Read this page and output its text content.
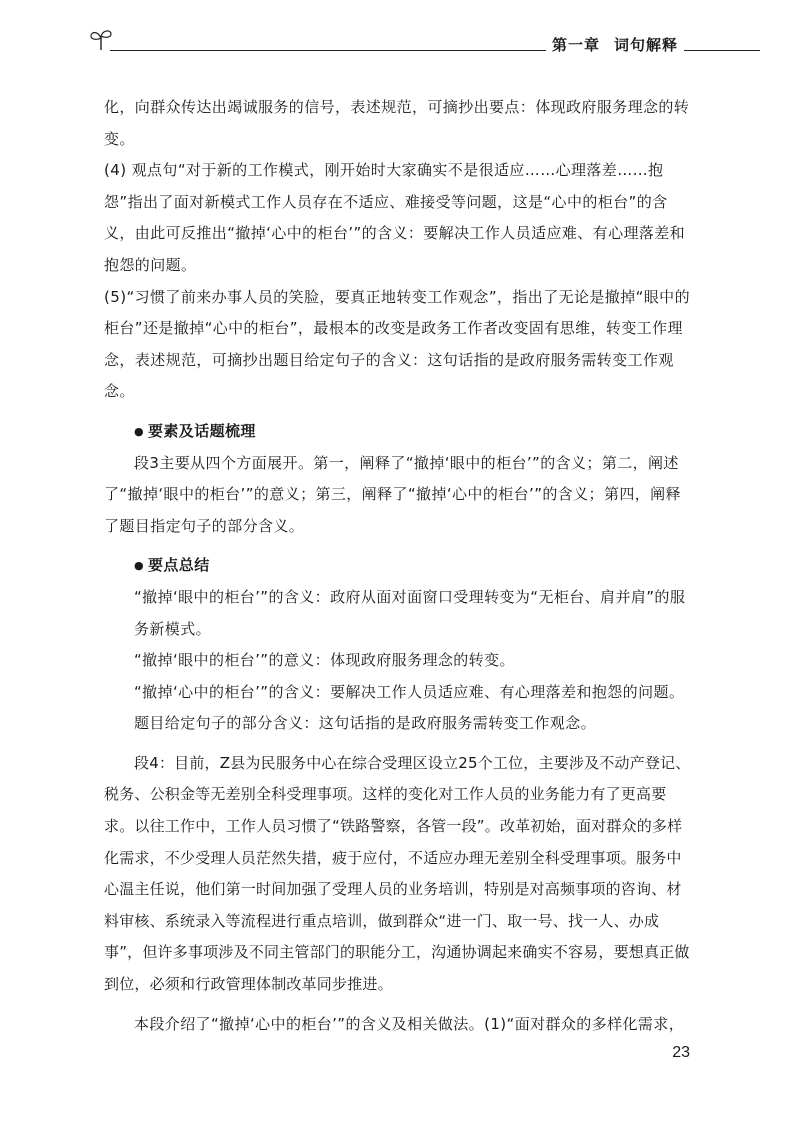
第一章 词句解释

化，向群众传达出竭诚服务的信号，表述规范，可摘抄出要点：体现政府服务理念的转变。

(4) 观点句“对于新的工作模式，刚开始时大家确实不是很适应……心理落差……抱怨”指出了面对新模式工作人员存在不适应、难接受等问题，这是“心中的柜台”的含义，由此可反推出“撤掉‘心中的柜台’”的含义：要解决工作人员适应难、有心理落差和抱怨的问题。

(5)“习惯了前来办事人员的笑脸，要真正地转变工作观念”，指出了无论是撤掉“眼中的柜台”还是撤掉“心中的柜台”，最根本的改变是政务工作者改变固有思维，转变工作理念，表述规范，可摘抄出题目给定句子的含义：这句话指的是政府服务需转变工作观念。

● 要素及话题梳理

段3主要从四个方面展开。第一，阐释了“撤掉‘眼中的柜台’”的含义；第二，阐述了“撤掉‘眼中的柜台’”的意义；第三，阐释了“撤掉‘心中的柜台’”的含义；第四，阐释了题目指定句子的部分含义。

● 要点总结

“撤掉‘眼中的柜台’”的含义：政府从面对面窗口受理转变为“无柜台、肩并肩”的服务新模式。

“撤掉‘眼中的柜台’”的意义：体现政府服务理念的转变。

“撤掉‘心中的柜台’”的含义：要解决工作人员适应难、有心理落差和抱怨的问题。

题目给定句子的部分含义：这句话指的是政府服务需转变工作观念。

段4：目前，Z县为民服务中心在综合受理区设立25个工位，主要涉及不动产登记、税务、公积金等无差别全科受理事项。这样的变化对工作人员的业务能力有了更高要求。以往工作中，工作人员习惯了“铁路警察，各管一段”。改革初始，面对群众的多样化需求，不少受理人员茫然失措，疲于应付，不适应办理无差别全科受理事项。服务中心温主任说，他们第一时间加强了受理人员的业务培训，特别是对高频事项的咨询、材料审核、系统录入等流程进行重点培训，做到群众“进一门、取一号、找一人、办成事”，但许多事项涉及不同主管部门的职能分工，沟通协调起来确实不容易，要想真正做到位，必须和行政管理体制改革同步推进。

本段介绍了“撤掉‘心中的柜台’”的含义及相关做法。(1)“面对群众的多样化需求，

23
